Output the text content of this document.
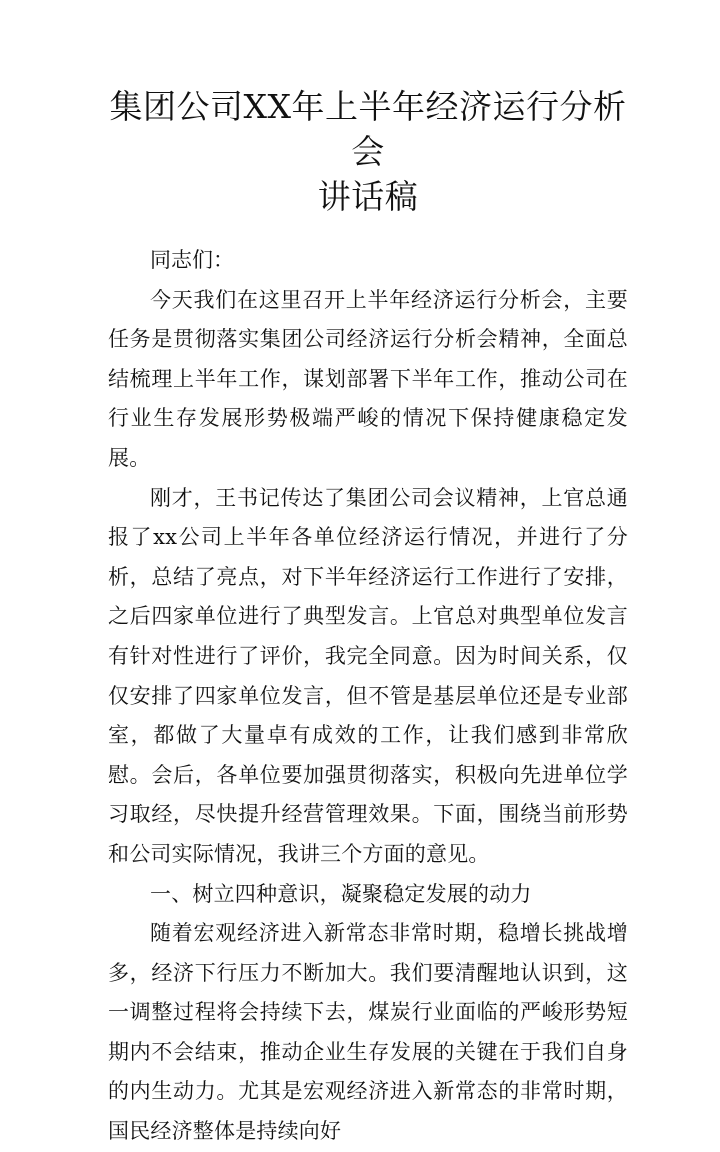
集团公司XX年上半年经济运行分析会
讲话稿

同志们：

今天我们在这里召开上半年经济运行分析会，主要任务是贯彻落实集团公司经济运行分析会精神，全面总结梳理上半年工作，谋划部署下半年工作，推动公司在行业生存发展形势极端严峻的情况下保持健康稳定发展。

刚才，王书记传达了集团公司会议精神，上官总通报了xx公司上半年各单位经济运行情况，并进行了分析，总结了亮点，对下半年经济运行工作进行了安排，之后四家单位进行了典型发言。上官总对典型单位发言有针对性进行了评价，我完全同意。因为时间关系，仅仅安排了四家单位发言，但不管是基层单位还是专业部室，都做了大量卓有成效的工作，让我们感到非常欣慰。会后，各单位要加强贯彻落实，积极向先进单位学习取经，尽快提升经营管理效果。下面，围绕当前形势和公司实际情况，我讲三个方面的意见。

一、树立四种意识，凝聚稳定发展的动力

随着宏观经济进入新常态非常时期，稳增长挑战增多，经济下行压力不断加大。我们要清醒地认识到，这一调整过程将会持续下去，煤炭行业面临的严峻形势短期内不会结束，推动企业生存发展的关键在于我们自身的内生动力。尤其是宏观经济进入新常态的非常时期，国民经济整体是持续向好
